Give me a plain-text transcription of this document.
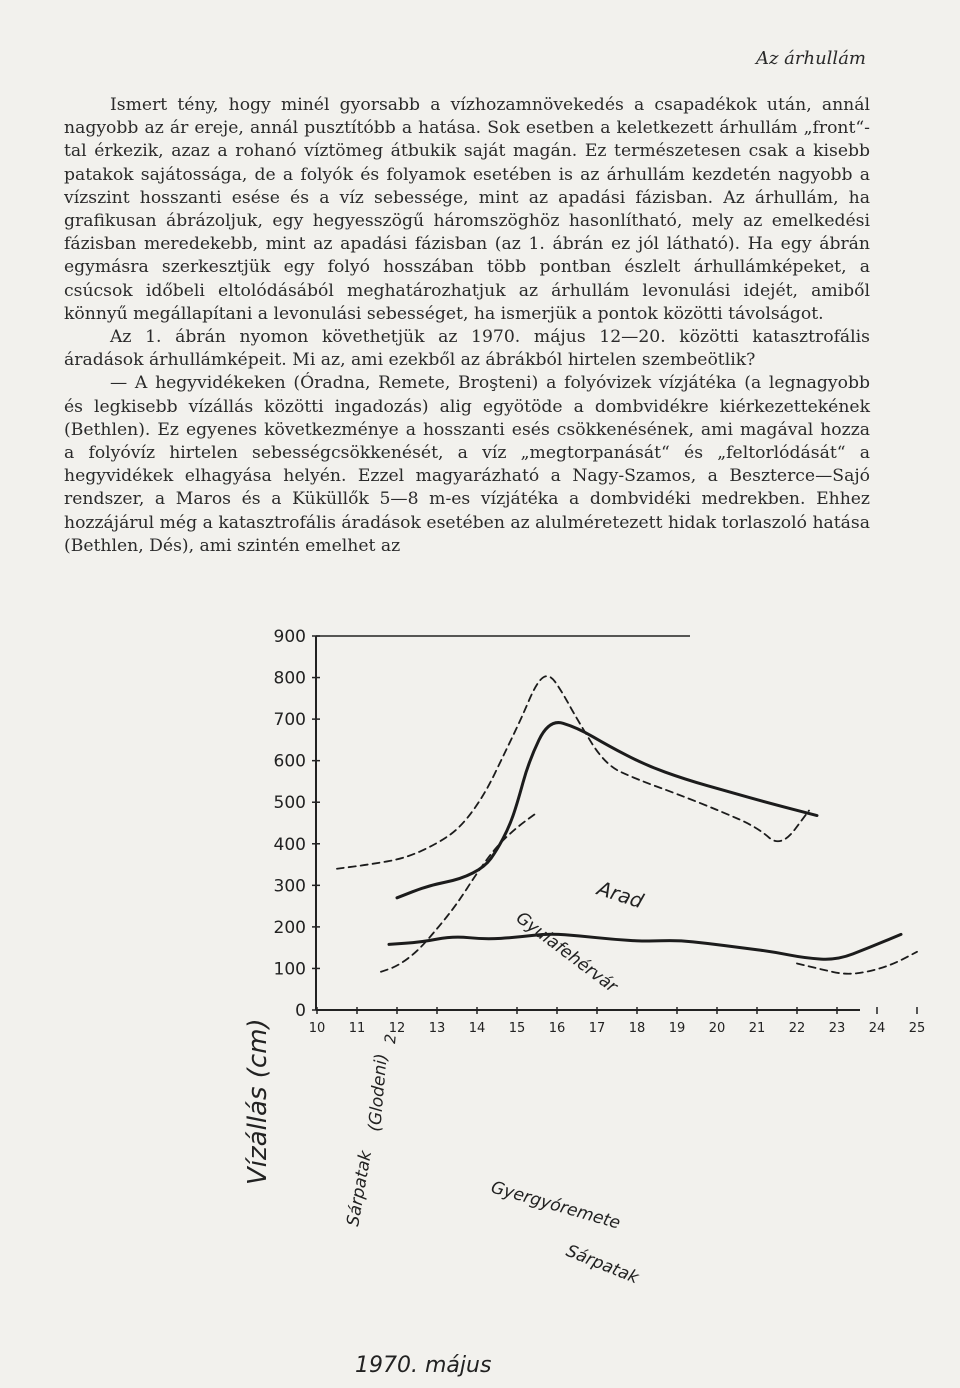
Az árhullám

Ismert tény, hogy minél gyorsabb a vízhozamnövekedés a csapadékok után, annál nagyobb az ár ereje, annál pusztítóbb a hatása. Sok esetben a keletkezett árhullám „front“-tal érkezik, azaz a rohanó víztömeg átbukik saját magán. Ez természetesen csak a kisebb patakok sajátossága, de a folyók és folyamok esetében is az árhullám kezdetén nagyobb a vízszint hosszanti esése és a víz sebessége, mint az apadási fázisban. Az árhullám, ha grafikusan ábrázoljuk, egy hegyesszögű háromszöghöz hasonlítható, mely az emelkedési fázisban meredekebb, mint az apadási fázisban (az 1. ábrán ez jól látható). Ha egy ábrán egymásra szerkesztjük egy folyó hosszában több pontban észlelt árhullámképeket, a csúcsok időbeli eltolódásából meghatározhatjuk az árhullám levonulási idejét, amiből könnyű megállapítani a levonulási sebességet, ha ismerjük a pontok közötti távolságot.

Az 1. ábrán nyomon követhetjük az 1970. május 12—20. közötti katasztrofális áradások árhullámképeit. Mi az, ami ezekből az ábrákból hirtelen szembeötlik?

— A hegyvidékeken (Óradna, Remete, Broşteni) a folyóvizek vízjátéka (a legnagyobb és legkisebb vízállás közötti ingadozás) alig egyötöde a dombvidékre kiérkezettekének (Bethlen). Ez egyenes következménye a hosszanti esés csökkenésének, ami magával hozza a folyóvíz hirtelen sebességcsökkenését, a víz „megtorpanását“ és „feltorlódását“ a hegyvidékek elhagyása helyén. Ezzel magyarázható a Nagy-Szamos, a Beszterce—Sajó rendszer, a Maros és a Küküllők 5—8 m-es vízjátéka a dombvidéki medrekben. Ehhez hozzájárul még a katasztrofális áradások esetében az alulméretezett hidak torlaszoló hatása (Bethlen, Dés), ami szintén emelhet az

900
800
700
600
500
400
300
200
100
0
10 11 12 13 14 15 16 17 18 19 20 21 22 23 24 25
Vízállás (cm)
1970. május
Sárpatak
(Glodeni)
2
Gyulafehérvár
Arad
Gyergyóremete
Sárpatak
